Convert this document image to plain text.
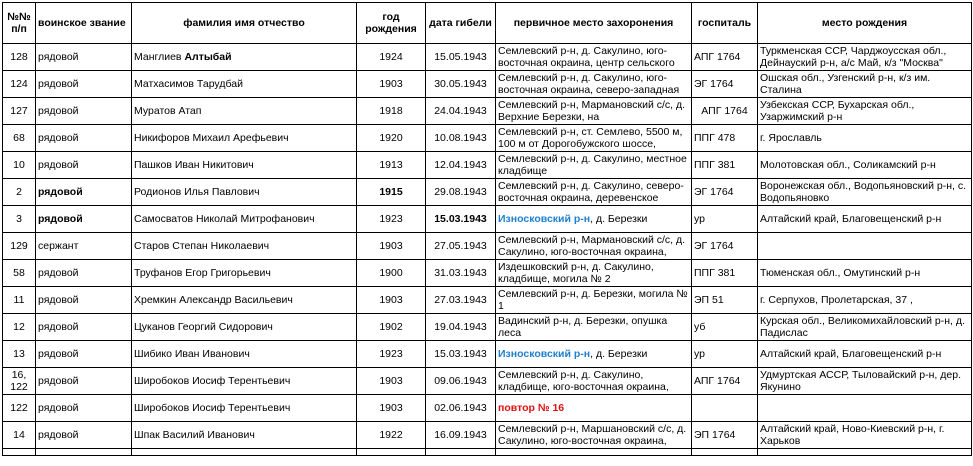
№№ п/п	воинское звание	фамилия имя отчество	год рождения	дата гибели	первичное место захоронения	госпиталь	место рождения
128	рядовой	Манглиев Алтыбай	1924	15.05.1943	Семлевский р-н, д. Сакулино, юго-восточная окраина, центр сельского	АПГ 1764	Туркменская ССР, Чарджоусская обл., Дейнауский р-н, а/с Май, к/з "Москва"

124	рядовой	Матхасимов Тарудбай	1903	30.05.1943	Семлевский р-н, д. Сакулино, юго-восточная окраина, северо-западная	ЭГ 1764	Ошская обл., Узгенский р-н, к/з им. Сталина

127	рядовой	Муратов Атап	1918	24.04.1943	Семлевский р-н, Мармановский с/с, д. Верхние Березки, на	АПГ 1764	Узбекская ССР, Бухарская обл., Узаржимский р-н

68	рядовой	Никифоров Михаил Арефьевич	1920	10.08.1943	Семлевский р-н, ст. Семлево, 5500 м, 100 м от Дорогобужского шоссе,	ППГ 478	г. Ярославль

10	рядовой	Пашков Иван Никитович	1913	12.04.1943	Семлевский р-н, д. Сакулино, местное кладбище	ППГ 381	Молотовская обл., Соликамский р-н

2	рядовой	Родионов Илья Павлович	1915	29.08.1943	Семлевский р-н, д. Сакулино, северо-восточная окраина, деревенское	ЭГ 1764	Воронежская обл., Водопьяновский р-н, с. Водопьяновко

3	рядовой	Самосватов Николай Митрофанович	1923	15.03.1943	Износковский р-н, д. Березки	ур	Алтайский край, Благовещенский р-н

129	сержант	Старов Степан Николаевич	1903	27.05.1943	Семлевский р-н, Мармановский с/с, д. Сакулино, юго-восточная окраина,	ЭГ 1764	
58	рядовой	Труфанов Егор Григорьевич	1900	31.03.1943	Издешковский р-н, д. Сакулино, кладбище, могила № 2	ППГ 381	Тюменская обл., Омутинский р-н

11	рядовой	Хремкин Александр Васильевич	1903	27.03.1943	Семлевский р-н, д. Березки, могила № 1	ЭП 51	г. Серпухов, Пролетарская, 37 ,

12	рядовой	Цуканов Георгий Сидорович	1902	19.04.1943	Вадинский р-н, д. Березки, опушка леса	уб	Курская обл., Великомихайловский р-н, д. Падислас

13	рядовой	Шибико Иван Иванович	1923	15.03.1943	Износковский р-н, д. Березки	ур	Алтайский край, Благовещенский р-н

16, 122	рядовой	Широбоков Иосиф Терентьевич	1903	09.06.1943	Семлевский р-н, д. Сакулино, кладбище, юго-восточная окраина,	АПГ 1764	Удмуртская АССР, Тыловайский р-н, дер. Якунино

122	рядовой	Широбоков Иосиф Терентьевич	1903	02.06.1943	повтор № 16		
14	рядовой	Шпак Василий Иванович	1922	16.09.1943	Семлевский р-н, Маршановский с/с, д. Сакулино, юго-восточная окраина,	ЭП 1764	Алтайский край, Ново-Киевский р-н, г. Харьков
